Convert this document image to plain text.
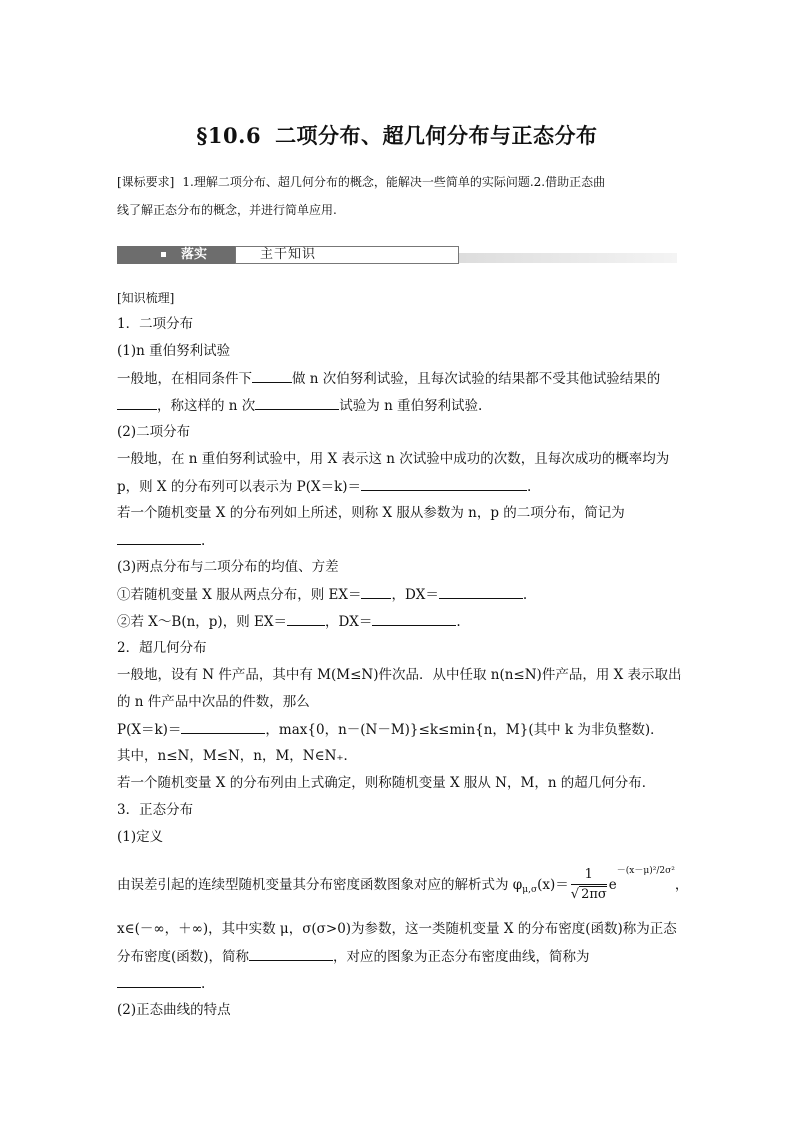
§10.6 二项分布、超几何分布与正态分布
[课标要求] 1.理解二项分布、超几何分布的概念，能解决一些简单的实际问题.2.借助正态曲
线了解正态分布的概念，并进行简单应用.
落实	主干知识
[知识梳理]
1．二项分布
(1)n 重伯努利试验
一般地，在相同条件下	做 n 次伯努利试验，且每次试验的结果都不受其他试验结果的
，称这样的 n 次	试验为 n 重伯努利试验.
(2)二项分布
一般地，在 n 重伯努利试验中，用 X 表示这 n 次试验中成功的次数，且每次成功的概率均为
p，则 X 的分布列可以表示为 P(X＝k)＝	.
若一个随机变量 X 的分布列如上所述，则称 X 服从参数为 n，p 的二项分布，简记为
.
(3)两点分布与二项分布的均值、方差
①若随机变量 X 服从两点分布，则 EX＝ ，DX＝	.
②若 X～B(n，p)，则 EX＝	，DX＝	.
2．超几何分布
一般地，设有 N 件产品，其中有 M(M≤N)件次品．从中任取 n(n≤N)件产品，用 X 表示取出
的 n 件产品中次品的件数，那么
P(X＝k)＝	，max{0，n－(N－M)}≤k≤min{n，M}(其中 k 为非负整数)．
其中，n≤N，M≤N，n，M，N∈N₊．
若一个随机变量 X 的分布列由上式确定，则称随机变量 X 服从 N，M，n 的超几何分布．
3．正态分布
(1)定义
由误差引起的连续型随机变量其分布密度函数图象对应的解析式为 $\varphi_{\mu,\sigma}(x)= \frac{1}{√ 2\pi\sigma} e-(x-\mu)^2/2\sigma^2$，
x∈(－∞，＋∞)，其中实数 μ，σ(σ>0)为参数，这一类随机变量 X 的分布密度(函数)称为正态
分布密度(函数)，简称	，对应的图象为正态分布密度曲线，简称为
.
(2)正态曲线的特点
